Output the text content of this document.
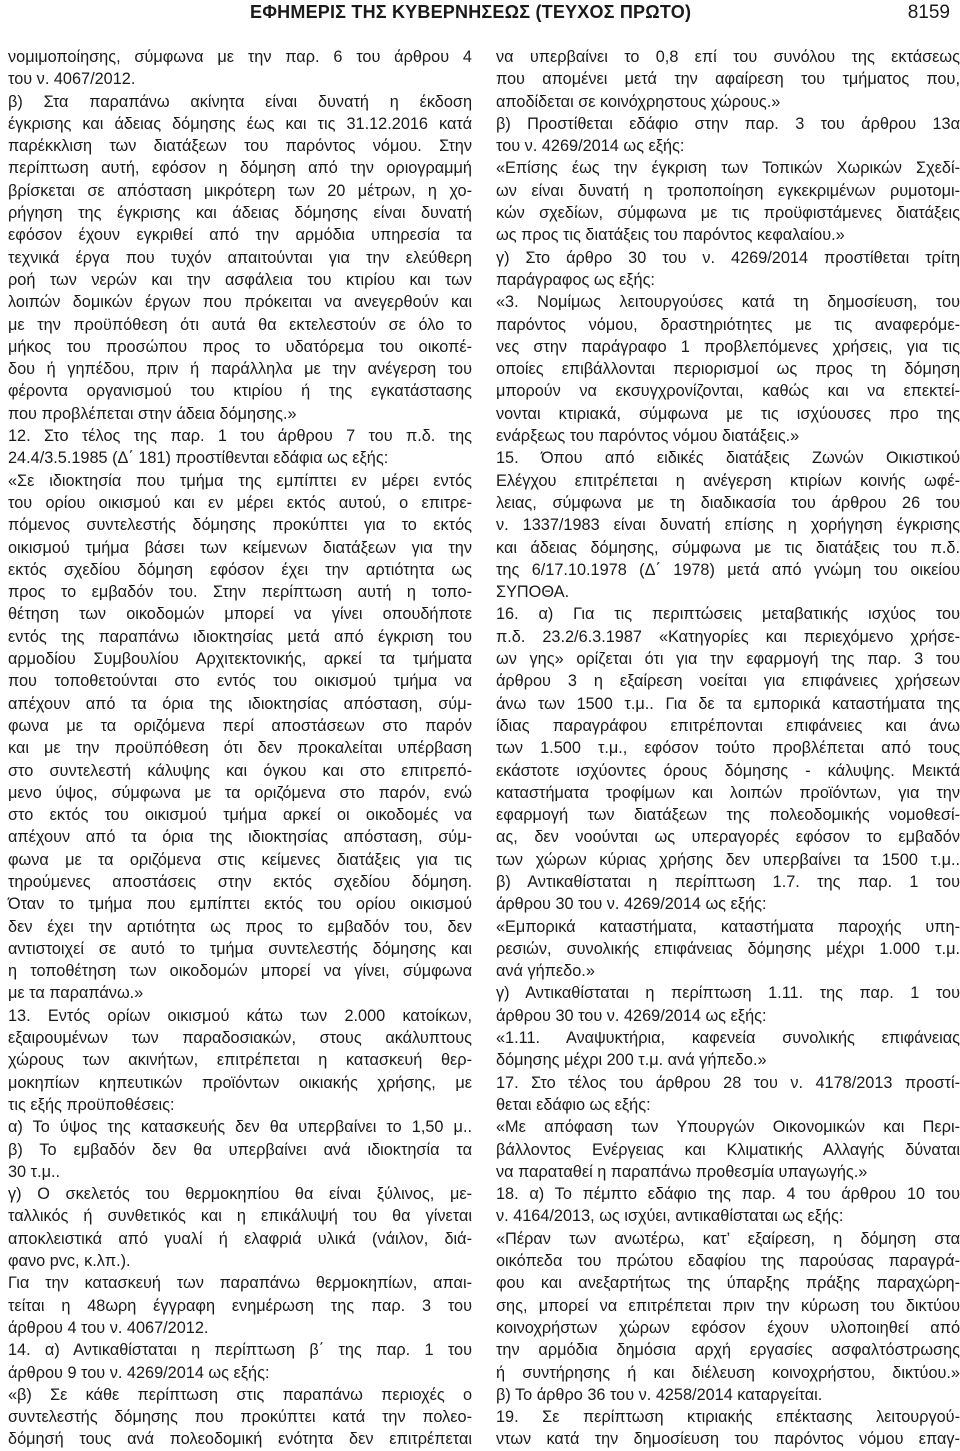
ΕΦΗΜΕΡΙΣ ΤΗΣ ΚΥΒΕΡΝΗΣΕΩΣ (ΤΕΥΧΟΣ ΠΡΩΤΟ)	8159
νομιμοποίησης, σύμφωνα με την παρ. 6 του άρθρου 4
του ν. 4067/2012.
β) Στα παραπάνω ακίνητα είναι δυνατή η έκδοση
έγκρισης και άδειας δόμησης έως και τις 31.12.2016 κατά
παρέκκλιση των διατάξεων του παρόντος νόμου. Στην
περίπτωση αυτή, εφόσον η δόμηση από την οριογραμμή
βρίσκεται σε απόσταση μικρότερη των 20 μέτρων, η χο-
ρήγηση της έγκρισης και άδειας δόμησης είναι δυνατή
εφόσον έχουν εγκριθεί από την αρμόδια υπηρεσία τα
τεχνικά έργα που τυχόν απαιτούνται για την ελεύθερη
ροή των νερών και την ασφάλεια του κτιρίου και των
λοιπών δομικών έργων που πρόκειται να ανεγερθούν και
με την προϋπόθεση ότι αυτά θα εκτελεστούν σε όλο το
μήκος του προσώπου προς το υδατόρεμα του οικοπέ-
δου ή γηπέδου, πριν ή παράλληλα με την ανέγερση του
φέροντα οργανισμού του κτιρίου ή της εγκατάστασης
που προβλέπεται στην άδεια δόμησης.»
12. Στο τέλος της παρ. 1 του άρθρου 7 του π.δ. της
24.4/3.5.1985 (Δ΄ 181) προστίθενται εδάφια ως εξής:
«Σε ιδιοκτησία που τμήμα της εμπίπτει εν μέρει εντός
του ορίου οικισμού και εν μέρει εκτός αυτού, ο επιτρε-
πόμενος συντελεστής δόμησης προκύπτει για το εκτός
οικισμού τμήμα βάσει των κείμενων διατάξεων για την
εκτός σχεδίου δόμηση εφόσον έχει την αρτιότητα ως
προς το εμβαδόν του. Στην περίπτωση αυτή η τοπο-
θέτηση των οικοδομών μπορεί να γίνει οπουδήποτε
εντός της παραπάνω ιδιοκτησίας μετά από έγκριση του
αρμοδίου Συμβουλίου Αρχιτεκτονικής, αρκεί τα τμήματα
που τοποθετούνται στο εντός του οικισμού τμήμα να
απέχουν από τα όρια της ιδιοκτησίας απόσταση, σύμ-
φωνα με τα οριζόμενα περί αποστάσεων στο παρόν
και με την προϋπόθεση ότι δεν προκαλείται υπέρβαση
στο συντελεστή κάλυψης και όγκου και στο επιτρεπό-
μενο ύψος, σύμφωνα με τα οριζόμενα στο παρόν, ενώ
στο εκτός του οικισμού τμήμα αρκεί οι οικοδομές να
απέχουν από τα όρια της ιδιοκτησίας απόσταση, σύμ-
φωνα με τα οριζόμενα στις κείμενες διατάξεις για τις
τηρούμενες αποστάσεις στην εκτός σχεδίου δόμηση.
Όταν το τμήμα που εμπίπτει εκτός του ορίου οικισμού
δεν έχει την αρτιότητα ως προς το εμβαδόν του, δεν
αντιστοιχεί σε αυτό το τμήμα συντελεστής δόμησης και
η τοποθέτηση των οικοδομών μπορεί να γίνει, σύμφωνα
με τα παραπάνω.»
13. Εντός ορίων οικισμού κάτω των 2.000 κατοίκων,
εξαιρουμένων των παραδοσιακών, στους ακάλυπτους
χώρους των ακινήτων, επιτρέπεται η κατασκευή θερ-
μοκηπίων κηπευτικών προϊόντων οικιακής χρήσης, με
τις εξής προϋποθέσεις:
α) Το ύψος της κατασκευής δεν θα υπερβαίνει το 1,50 μ..
β) Το εμβαδόν δεν θα υπερβαίνει ανά ιδιοκτησία τα
30 τ.μ..
γ) Ο σκελετός του θερμοκηπίου θα είναι ξύλινος, με-
ταλλικός ή συνθετικός και η επικάλυψή του θα γίνεται
αποκλειστικά από γυαλί ή ελαφριά υλικά (νάιλον, διά-
φανο pvc, κ.λπ.).
Για την κατασκευή των παραπάνω θερμοκηπίων, απαι-
τείται η 48ωρη έγγραφη ενημέρωση της παρ. 3 του
άρθρου 4 του ν. 4067/2012.
14. α) Αντικαθίσταται η περίπτωση β΄ της παρ. 1 του
άρθρου 9 του ν. 4269/2014 ως εξής:
«β) Σε κάθε περίπτωση στις παραπάνω περιοχές ο
συντελεστής δόμησης που προκύπτει κατά την πολεο-
δόμησή τους ανά πολεοδομική ενότητα δεν επιτρέπεται
να υπερβαίνει το 0,8 επί του συνόλου της εκτάσεως
που απομένει μετά την αφαίρεση του τμήματος που,
αποδίδεται σε κοινόχρηστους χώρους.»
β) Προστίθεται εδάφιο στην παρ. 3 του άρθρου 13α
του ν. 4269/2014 ως εξής:
«Επίσης έως την έγκριση των Τοπικών Χωρικών Σχεδί-
ων είναι δυνατή η τροποποίηση εγκεκριμένων ρυμοτομι-
κών σχεδίων, σύμφωνα με τις προϋφιστάμενες διατάξεις
ως προς τις διατάξεις του παρόντος κεφαλαίου.»
γ) Στο άρθρο 30 του ν. 4269/2014 προστίθεται τρίτη
παράγραφος ως εξής:
«3. Νομίμως λειτουργούσες κατά τη δημοσίευση, του
παρόντος νόμου, δραστηριότητες με τις αναφερόμε-
νες στην παράγραφο 1 προβλεπόμενες χρήσεις, για τις
οποίες επιβάλλονται περιορισμοί ως προς τη δόμηση
μπορούν να εκσυγχρονίζονται, καθώς και να επεκτεί-
νονται κτιριακά, σύμφωνα με τις ισχύουσες προ της
ενάρξεως του παρόντος νόμου διατάξεις.»
15. Όπου από ειδικές διατάξεις Ζωνών Οικιστικού
Ελέγχου επιτρέπεται η ανέγερση κτιρίων κοινής ωφέ-
λειας, σύμφωνα με τη διαδικασία του άρθρου 26 του
ν. 1337/1983 είναι δυνατή επίσης η χορήγηση έγκρισης
και άδειας δόμησης, σύμφωνα με τις διατάξεις του π.δ.
της 6/17.10.1978 (Δ΄ 1978) μετά από γνώμη του οικείου
ΣΥΠΟΘΑ.
16. α) Για τις περιπτώσεις μεταβατικής ισχύος του
π.δ. 23.2/6.3.1987 «Κατηγορίες και περιεχόμενο χρήσε-
ων γης» ορίζεται ότι για την εφαρμογή της παρ. 3 του
άρθρου 3 η εξαίρεση νοείται για επιφάνειες χρήσεων
άνω των 1500 τ.μ.. Για δε τα εμπορικά καταστήματα της
ίδιας παραγράφου επιτρέπονται επιφάνειες και άνω
των 1.500 τ.μ., εφόσον τούτο προβλέπεται από τους
εκάστοτε ισχύοντες όρους δόμησης - κάλυψης. Μεικτά
καταστήματα τροφίμων και λοιπών προϊόντων, για την
εφαρμογή των διατάξεων της πολεοδομικής νομοθεσί-
ας, δεν νοούνται ως υπεραγορές εφόσον το εμβαδόν
των χώρων κύριας χρήσης δεν υπερβαίνει τα 1500 τ.μ..
β) Αντικαθίσταται η περίπτωση 1.7. της παρ. 1 του
άρθρου 30 του ν. 4269/2014 ως εξής:
«Εμπορικά καταστήματα, καταστήματα παροχής υπη-
ρεσιών, συνολικής επιφάνειας δόμησης μέχρι 1.000 τ.μ.
ανά γήπεδο.»
γ) Αντικαθίσταται η περίπτωση 1.11. της παρ. 1 του
άρθρου 30 του ν. 4269/2014 ως εξής:
«1.11. Αναψυκτήρια, καφενεία συνολικής επιφάνειας
δόμησης μέχρι 200 τ.μ. ανά γήπεδο.»
17. Στο τέλος του άρθρου 28 του ν. 4178/2013 προστί-
θεται εδάφιο ως εξής:
«Με απόφαση των Υπουργών Οικονομικών και Περι-
βάλλοντος Ενέργειας και Κλιματικής Αλλαγής δύναται
να παραταθεί η παραπάνω προθεσμία υπαγωγής.»
18. α) Το πέμπτο εδάφιο της παρ. 4 του άρθρου 10 του
ν. 4164/2013, ως ισχύει, αντικαθίσταται ως εξής:
«Πέραν των ανωτέρω, κατ’ εξαίρεση, η δόμηση στα
οικόπεδα του πρώτου εδαφίου της παρούσας παραγρά-
φου και ανεξαρτήτως της ύπαρξης πράξης παραχώρη-
σης, μπορεί να επιτρέπεται πριν την κύρωση του δικτύου
κοινοχρήστων χώρων εφόσον έχουν υλοποιηθεί από
την αρμόδια δημόσια αρχή εργασίες ασφαλτόστρωσης
ή συντήρησης ή και διέλευση κοινοχρήστου, δικτύου.»
β) Το άρθρο 36 του ν. 4258/2014 καταργείται.
19. Σε περίπτωση κτιριακής επέκτασης λειτουργού-
ντων κατά την δημοσίευση του παρόντος νόμου επαγ-
